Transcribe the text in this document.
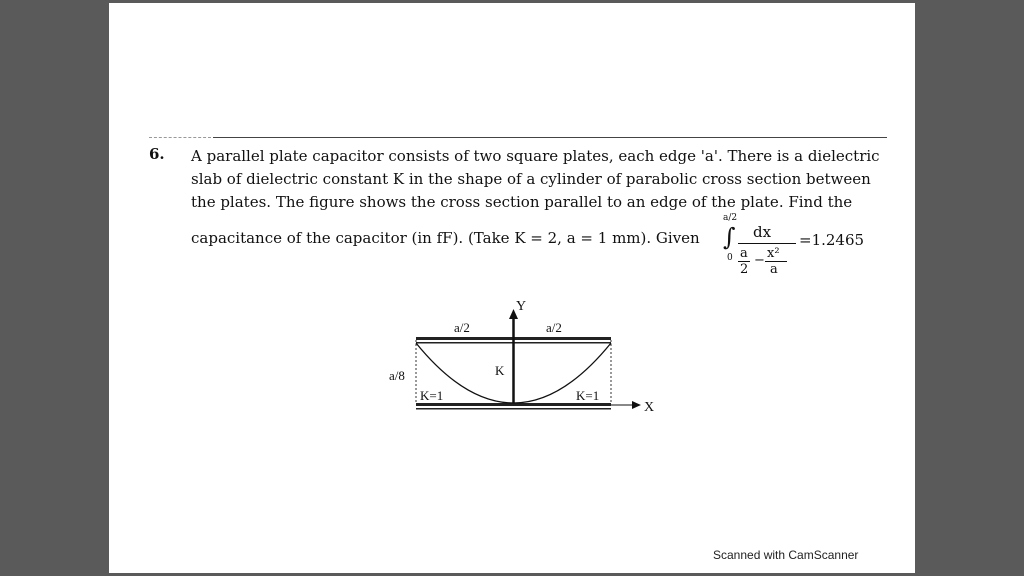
6. A parallel plate capacitor consists of two square plates, each edge 'a'. There is a dielectric

slab of dielectric constant K in the shape of a cylinder of parabolic cross section between

the plates. The figure shows the cross section parallel to an edge of the plate. Find the

capacitance of the capacitor (in fF). (Take K = 2, a = 1 mm). Given
a/2
∫
0
dx
a
2
− x²
a
=1.2465
Y
X
a/2	a/2
a/8	K
K=1	K=1
Scanned with CamScanner
